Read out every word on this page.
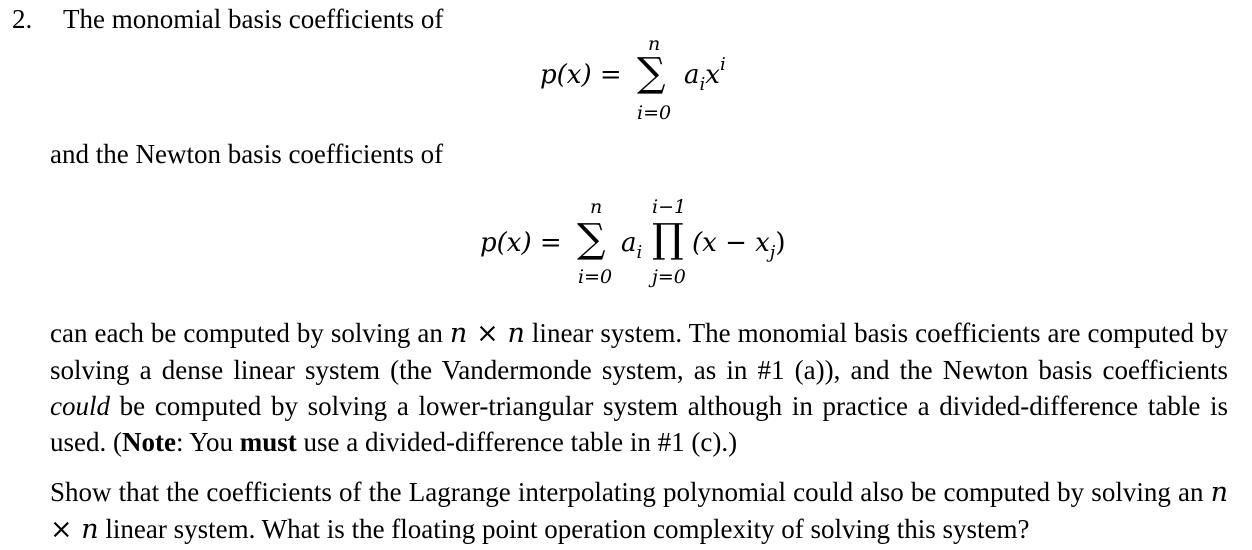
2. The monomial basis coefficients of
p(x) =
n
∑
i=0
$a_ix^i$
and the Newton basis coefficients of
p(x) =
n
∑
i=0
$a_i$
i−1
∏
j=0
$(x - x_j)$
can each be computed by solving an n × n linear system. The monomial basis coefficients are computed by solving a dense linear system (the Vandermonde system, as in #1 (a)), and the Newton basis coefficients could be computed by solving a lower-triangular system although in practice a divided-difference table is used. (Note: You must use a divided-difference table in #1 (c).)
Show that the coefficients of the Lagrange interpolating polynomial could also be computed by solving an n × n linear system. What is the floating point operation complexity of solving this system?
